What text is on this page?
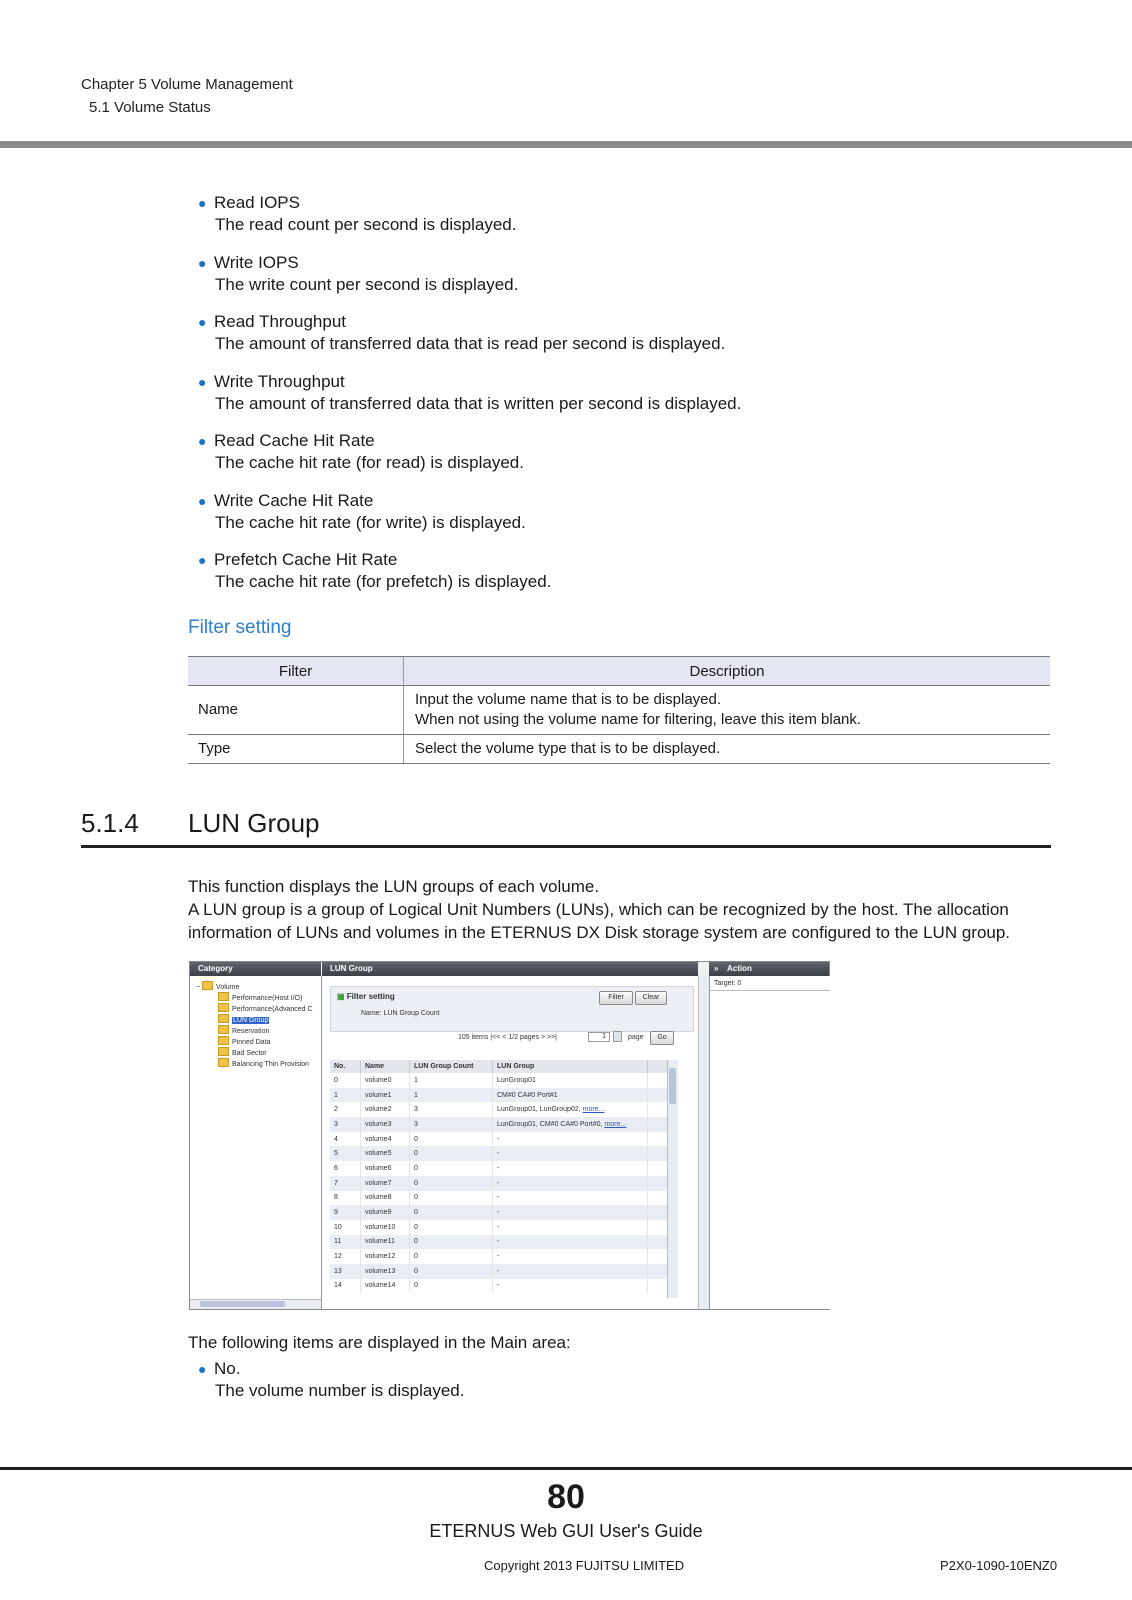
Chapter 5 Volume Management
5.1 Volume Status
● Read IOPS
The read count per second is displayed.
● Write IOPS
The write count per second is displayed.
● Read Throughput
The amount of transferred data that is read per second is displayed.
● Write Throughput
The amount of transferred data that is written per second is displayed.
● Read Cache Hit Rate
The cache hit rate (for read) is displayed.
● Write Cache Hit Rate
The cache hit rate (for write) is displayed.
● Prefetch Cache Hit Rate
The cache hit rate (for prefetch) is displayed.
Filter setting
Filter	Description
Name	Input the volume name that is to be displayed.
When not using the volume name for filtering, leave this item blank.

Type	Select the volume type that is to be displayed.
5.1.4 LUN Group
This function displays the LUN groups of each volume.
A LUN group is a group of Logical Unit Numbers (LUNs), which can be recognized by the host. The allocation information of LUNs and volumes in the ETERNUS DX Disk storage system are configured to the LUN group.
Category	LUN Group	» Action
− Volume
Performance(Host I/O)
Performance(Advanced C
LUN Group
Reservation
Pinned Data
Bad Sector
Balancing Thin Provision
▦ Filter setting	Filter	Clear
Name: LUN Group Count
105 items |<< < 1/2 pages > >>|	1	page	Go
No.	Name	LUN Group Count	LUN Group	
0	volume0	1	LunGroup01	
1	volume1	1	CM#0 CA#0 Port#1	
2	volume2	3	LunGroup01, LunGroup02, more...	
3	volume3	3	LunGroup01, CM#0 CA#0 Port#0, more...	
4	volume4	0	-	
5	volume5	0	-	
6	volume6	0	-	
7	volume7	0	-	
8	volume8	0	-	
9	volume9	0	-	
10	volume10	0	-	
11	volume11	0	-	
12	volume12	0	-	
13	volume13	0	-	
14	volume14	0	-	
Target: 0
The following items are displayed in the Main area:
● No.
The volume number is displayed.
80
ETERNUS Web GUI User's Guide
Copyright 2013 FUJITSU LIMITED	P2X0-1090-10ENZ0
